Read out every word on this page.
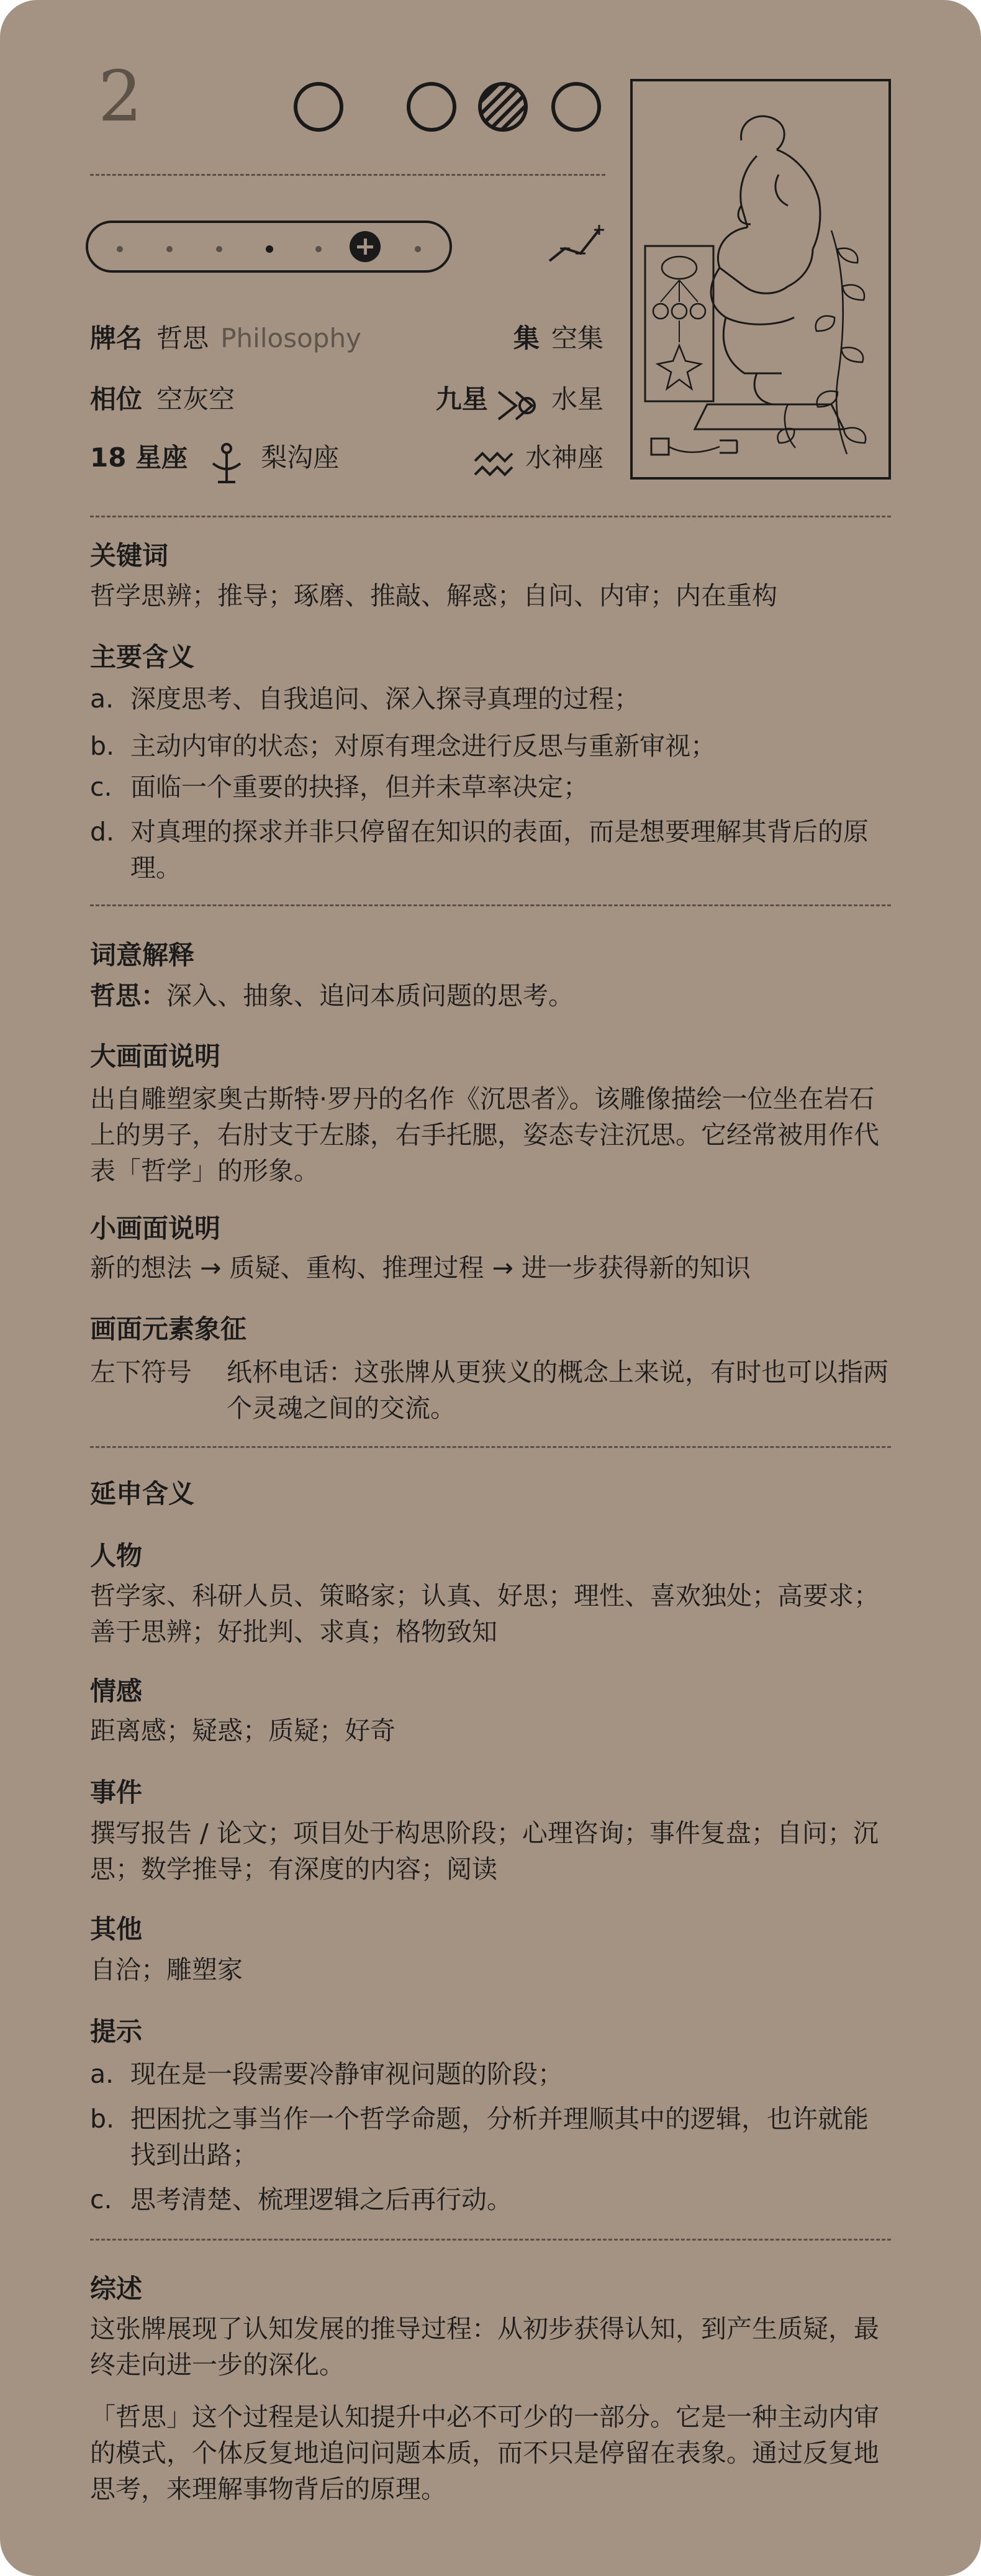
2
牌名 哲思 Philosophy	集 空集
相位 空灰空	九星 水星
18 星座	梨沟座	水神座
关键词
哲学思辨；推导；琢磨、推敲、解惑；自问、内审；内在重构
主要含义
a. 深度思考、自我追问、深入探寻真理的过程；
b. 主动内审的状态；对原有理念进行反思与重新审视；
c. 面临一个重要的抉择，但并未草率决定；
d. 对真理的探求并非只停留在知识的表面，而是想要理解其背后的原理。
词意解释
哲思：深入、抽象、追问本质问题的思考。
大画面说明
出自雕塑家奥古斯特·罗丹的名作《沉思者》。该雕像描绘一位坐在岩石上的男子，右肘支于左膝，右手托腮，姿态专注沉思。它经常被用作代表「哲学」的形象。
小画面说明
新的想法 → 质疑、重构、推理过程 → 进一步获得新的知识
画面元素象征
左下符号	纸杯电话：这张牌从更狭义的概念上来说，有时也可以指两个灵魂之间的交流。
延申含义
人物
哲学家、科研人员、策略家；认真、好思；理性、喜欢独处；高要求；善于思辨；好批判、求真；格物致知
情感
距离感；疑惑；质疑；好奇
事件
撰写报告 / 论文；项目处于构思阶段；心理咨询；事件复盘；自问；沉思；数学推导；有深度的内容；阅读
其他
自洽；雕塑家
提示
a. 现在是一段需要冷静审视问题的阶段；
b. 把困扰之事当作一个哲学命题，分析并理顺其中的逻辑，也许就能找到出路；
c. 思考清楚、梳理逻辑之后再行动。
综述
这张牌展现了认知发展的推导过程：从初步获得认知，到产生质疑，最终走向进一步的深化。
「哲思」这个过程是认知提升中必不可少的一部分。它是一种主动内审的模式，个体反复地追问问题本质，而不只是停留在表象。通过反复地思考，来理解事物背后的原理。
